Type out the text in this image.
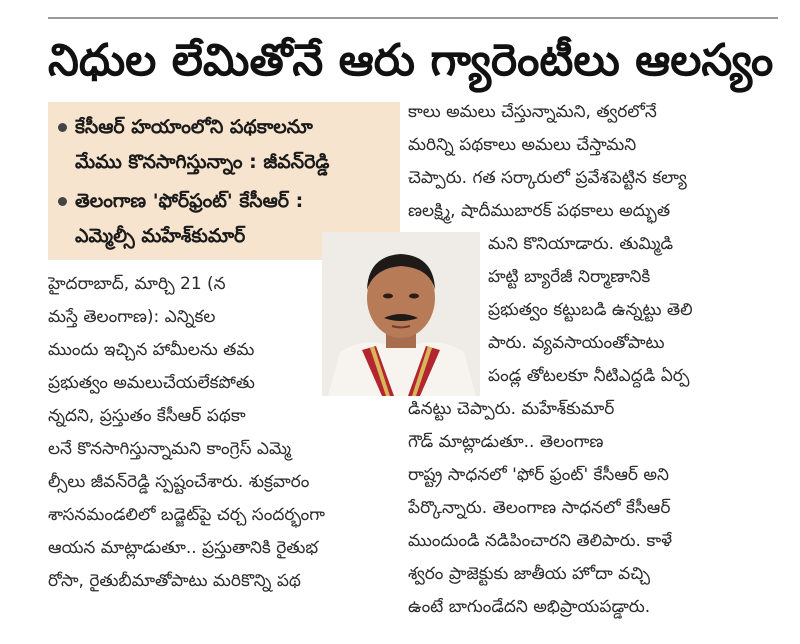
నిధుల లేమితోనే ఆరు గ్యారెంటీలు ఆలస్యం
కేసీఆర్ హయాంలోని పథకాలనూ
మేము కొనసాగిస్తున్నాం : జీవన్‌రెడ్డి
తెలంగాణ 'ఫోర్‌ఫ్రంట్' కేసీఆర్ :
ఎమ్మెల్సీ మహేశ్‌కుమార్
హైదరాబాద్, మార్చి 21 (న
మస్తే తెలంగాణ): ఎన్నికల
ముందు ఇచ్చిన హామీలను తమ
ప్రభుత్వం అమలుచేయలేకపోతు
న్నదని, ప్రస్తుతం కేసీఆర్ పథకా
లనే కొనసాగిస్తున్నామని కాంగ్రెస్ ఎమ్మె
ల్సీలు జీవన్‌రెడ్డి స్పష్టంచేశారు. శుక్రవారం
శాసనమండలిలో బడ్జెట్‌పై చర్చ సందర్భంగా
ఆయన మాట్లాడుతూ.. ప్రస్తుతానికి రైతుభ
రోసా, రైతుబీమాతోపాటు మరికొన్ని పథ
కాలు అమలు చేస్తున్నామని, త్వరలోనే
మరిన్ని పథకాలు అమలు చేస్తామని
చెప్పారు. గత సర్కారులో ప్రవేశపెట్టిన కల్యా
ణలక్ష్మి, షాదీముబారక్ పథకాలు అద్భుత
మని కొనియాడారు. తుమ్మిడి
హట్టి బ్యారేజీ నిర్మాణానికి
ప్రభుత్వం కట్టుబడి ఉన్నట్టు తెలి
పారు. వ్యవసాయంతోపాటు
పండ్ల తోటలకూ నీటిఎద్దడి ఏర్ప
డినట్టు చెప్పారు. మహేశ్‌కుమార్
గౌడ్ మాట్లాడుతూ.. తెలంగాణ
రాష్ట్ర సాధనలో 'ఫోర్ ఫ్రంట్' కేసీఆర్ అని
పేర్కొన్నారు. తెలంగాణ సాధనలో కేసీఆర్
ముందుండి నడిపించారని తెలిపారు. కాళే
శ్వరం ప్రాజెక్టుకు జాతీయ హోదా వచ్చి
ఉంటే బాగుండేదని అభిప్రాయపడ్డారు.
